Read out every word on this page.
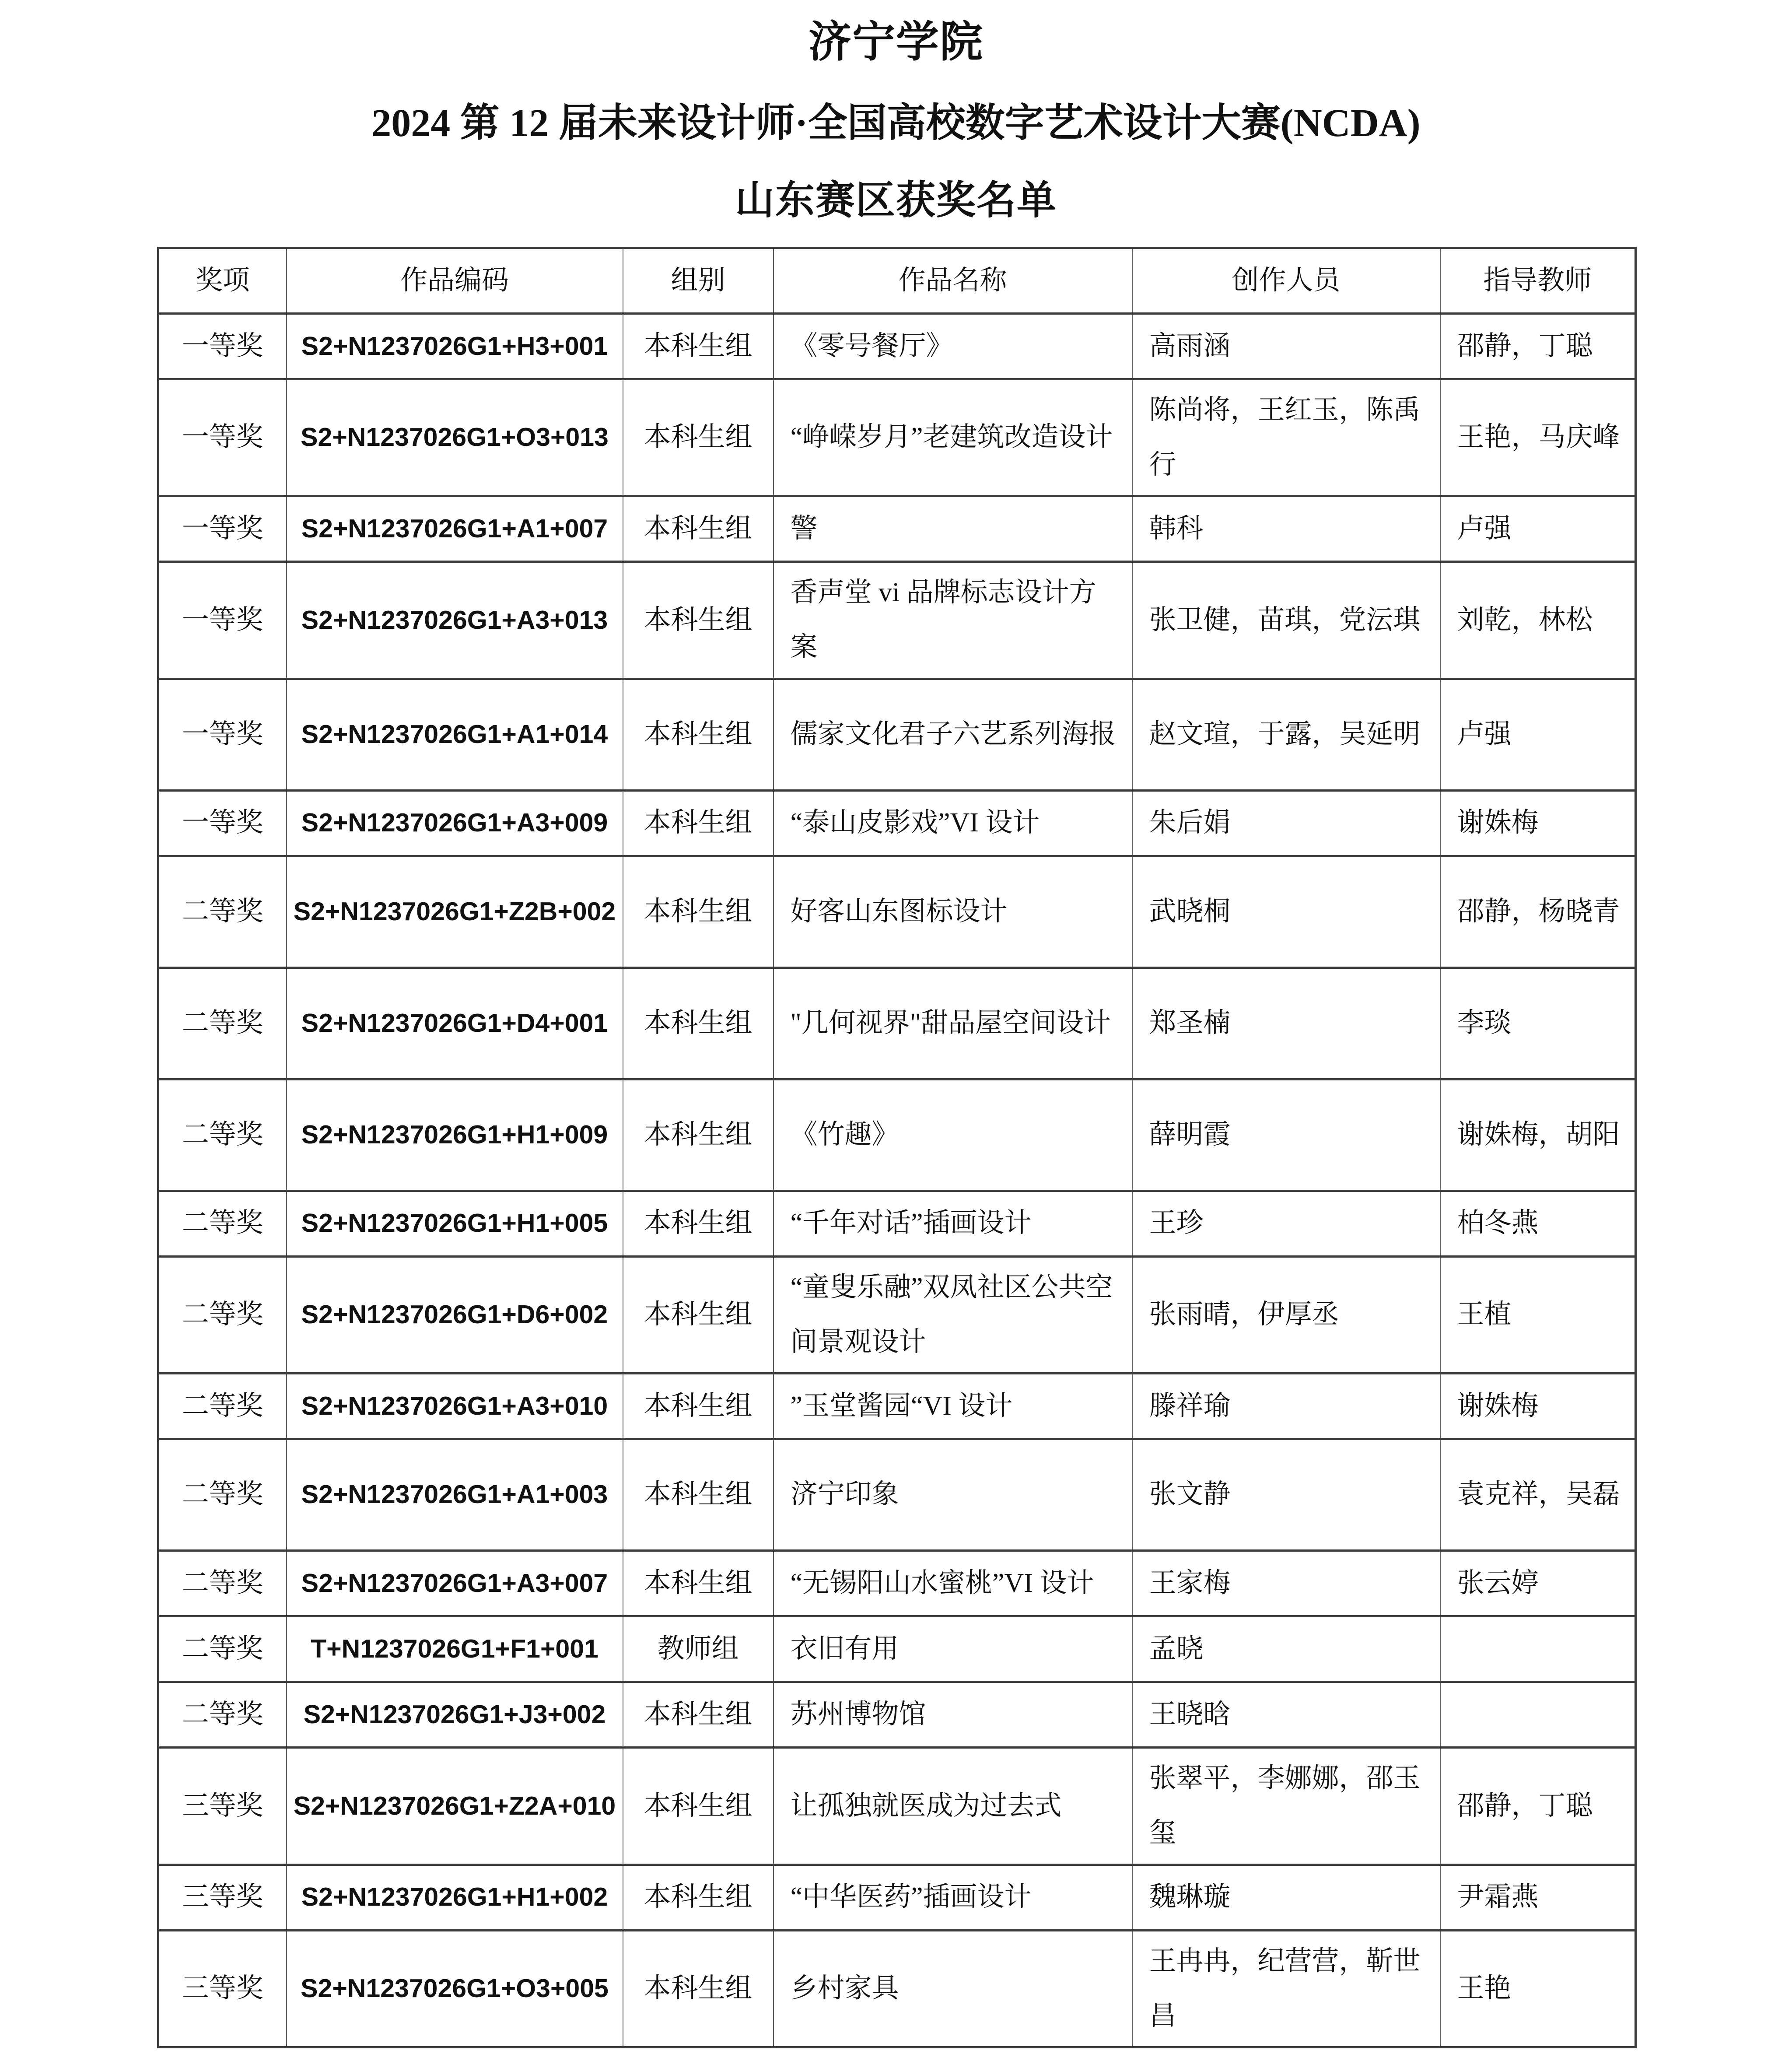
济宁学院
2024 第 12 届未来设计师·全国高校数字艺术设计大赛(NCDA)
山东赛区获奖名单
奖项	作品编码	组别	作品名称	创作人员	指导教师
一等奖	S2+N1237026G1+H3+001	本科生组	《零号餐厅》	高雨涵	邵静，丁聪
一等奖	S2+N1237026G1+O3+013	本科生组	“峥嵘岁月”老建筑改造设计	陈尚将，王红玉，陈禹行	王艳，马庆峰
一等奖	S2+N1237026G1+A1+007	本科生组	警	韩科	卢强
一等奖	S2+N1237026G1+A3+013	本科生组	香声堂 vi 品牌标志设计方案	张卫健，苗琪，党沄琪	刘乾，林松
一等奖	S2+N1237026G1+A1+014	本科生组	儒家文化君子六艺系列海报	赵文瑄，于露，吴延明	卢强
一等奖	S2+N1237026G1+A3+009	本科生组	“泰山皮影戏”VI 设计	朱后娟	谢姝梅
二等奖	S2+N1237026G1+Z2B+002	本科生组	好客山东图标设计	武晓桐	邵静，杨晓青
二等奖	S2+N1237026G1+D4+001	本科生组	"几何视界"甜品屋空间设计	郑圣楠	李琰
二等奖	S2+N1237026G1+H1+009	本科生组	《竹趣》	薛明霞	谢姝梅，胡阳
二等奖	S2+N1237026G1+H1+005	本科生组	“千年对话”插画设计	王珍	柏冬燕
二等奖	S2+N1237026G1+D6+002	本科生组	“童叟乐融”双凤社区公共空间景观设计	张雨晴，伊厚丞	王植
二等奖	S2+N1237026G1+A3+010	本科生组	”玉堂酱园“VI 设计	滕祥瑜	谢姝梅
二等奖	S2+N1237026G1+A1+003	本科生组	济宁印象	张文静	袁克祥，吴磊
二等奖	S2+N1237026G1+A3+007	本科生组	“无锡阳山水蜜桃”VI 设计	王家梅	张云婷
二等奖	T+N1237026G1+F1+001	教师组	衣旧有用	孟晓	
二等奖	S2+N1237026G1+J3+002	本科生组	苏州博物馆	王晓晗	
三等奖	S2+N1237026G1+Z2A+010	本科生组	让孤独就医成为过去式	张翠平，李娜娜，邵玉玺	邵静，丁聪
三等奖	S2+N1237026G1+H1+002	本科生组	“中华医药”插画设计	魏琳璇	尹霜燕
三等奖	S2+N1237026G1+O3+005	本科生组	乡村家具	王冉冉，纪营营，靳世昌	王艳
